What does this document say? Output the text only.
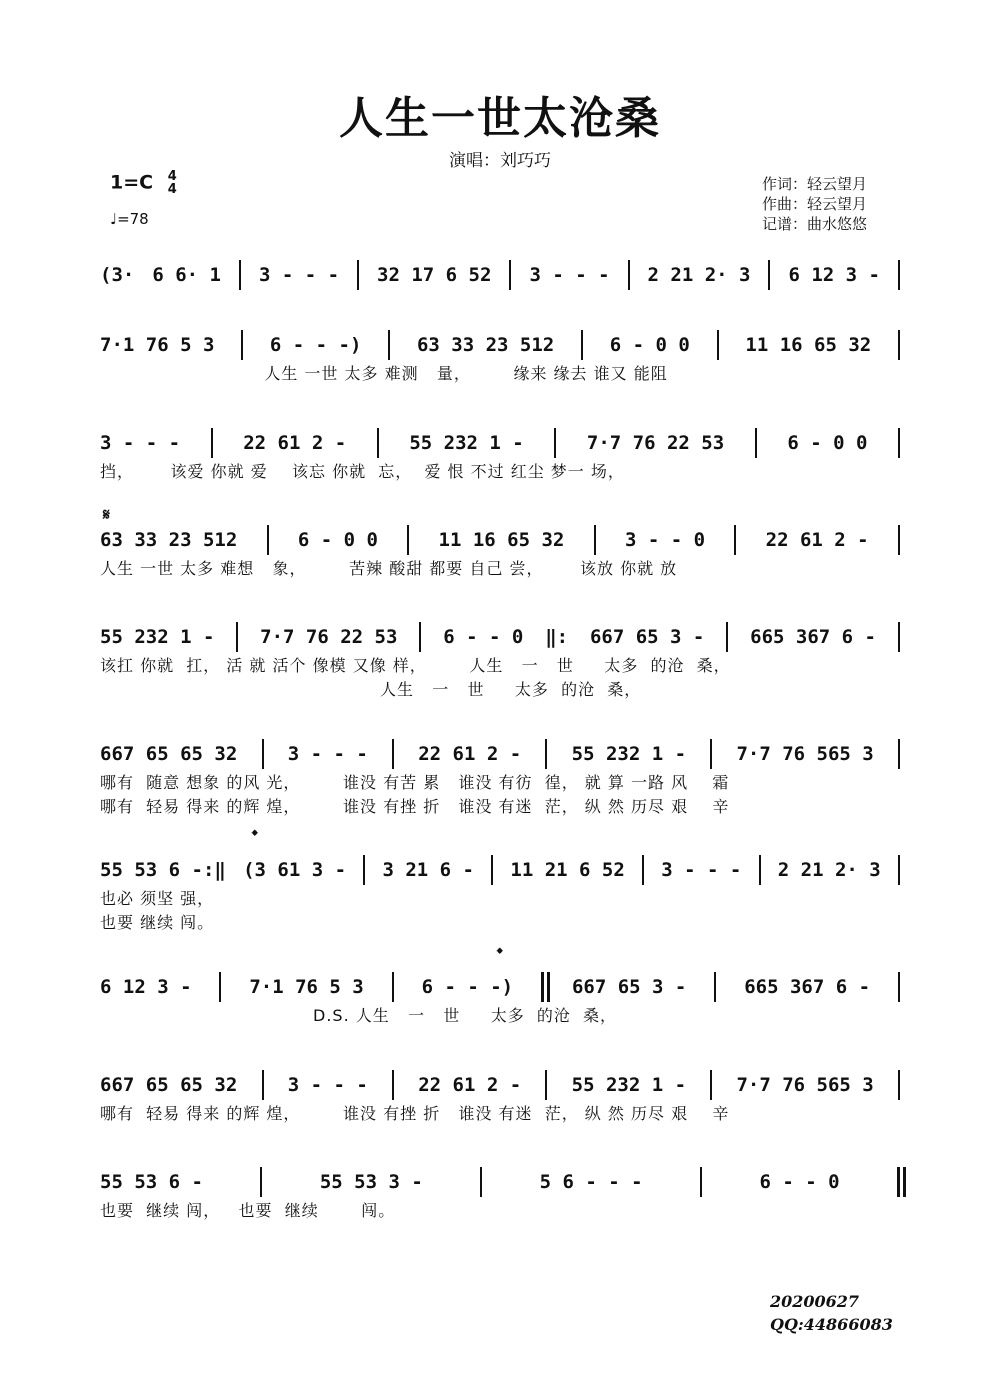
人生一世太沧桑
演唱：刘巧巧
1=C 4
4
♩=78
作词：轻云望月
作曲：轻云望月
记谱：曲水悠悠
𝄋
𝄌
𝄌
(3· 6 6· 1 3 - - - 32 17 6 52 3 - - - 2 21 2· 3 6 12 3 -
7·1 76 5 3	6 - - -)	63 33 23 512	6 - 0 0	11 16 65 32
人生 一世 太多 难测   量，       缘来 缘去 谁又 能阻
3 - - -	22 61 2 -	55 232 1 -	7·7 76 22 53	6 - 0 0
挡，      该爱 你就 爱    该忘 你就  忘，  爱 恨 不过 红尘 梦一 场，
63 33 23 512	6 - 0 0	11 16 65 32	3 - - 0	22 61 2 -
人生 一世 太多 难想   象，       苦辣 酸甜 都要 自己 尝，      该放 你就 放
55 232 1 - 7·7 76 22 53 6 - - 0 ‖: 667 65 3 - 665 367 6 -
该扛 你就  扛， 活 就 活个 像模 又像 样，       人生   一   世     太多  的沧  桑，
人生   一   世     太多  的沧  桑，
667 65 65 32	3 - - -	22 61 2 -	55 232 1 -	7·7 76 565 3
哪有  随意 想象 的风 光，       谁没 有苦 累   谁没 有彷  徨， 就 算 一路 风    霜
哪有  轻易 得来 的辉 煌，       谁没 有挫 折   谁没 有迷  茫， 纵 然 历尽 艰    辛
55 53 6 -:‖ (3 61 3 - 3 21 6 - 11 21 6 52 3 - - - 2 21 2· 3
也必 须坚 强，
也要 继续 闯。
6 12 3 -	7·1 76 5 3	6 - - -)	667 65 3 -	665 367 6 -
D.S. 人生   一   世     太多  的沧  桑，
667 65 65 32	3 - - -	22 61 2 -	55 232 1 -	7·7 76 565 3
哪有  轻易 得来 的辉 煌，       谁没 有挫 折   谁没 有迷  茫， 纵 然 历尽 艰    辛
55 53 6 -	55 53 3 -	5 6 - - -	6 - - 0
也要  继续 闯，   也要  继续       闯。
20200627
QQ:44866083
